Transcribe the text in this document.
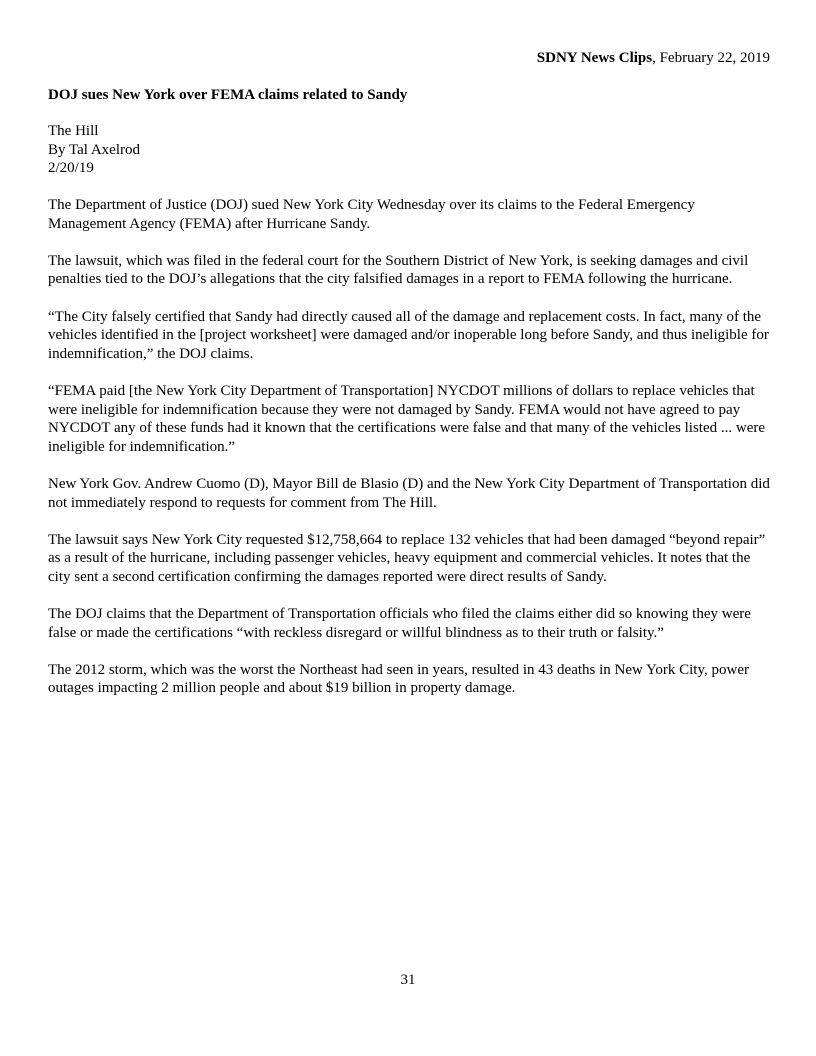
SDNY News Clips, February 22, 2019
DOJ sues New York over FEMA claims related to Sandy
The Hill
By Tal Axelrod
2/20/19

The Department of Justice (DOJ) sued New York City Wednesday over its claims to the Federal Emergency Management Agency (FEMA) after Hurricane Sandy.

The lawsuit, which was filed in the federal court for the Southern District of New York, is seeking damages and civil penalties tied to the DOJ’s allegations that the city falsified damages in a report to FEMA following the hurricane.

“The City falsely certified that Sandy had directly caused all of the damage and replacement costs. In fact, many of the vehicles identified in the [project worksheet] were damaged and/or inoperable long before Sandy, and thus ineligible for indemnification,” the DOJ claims.

“FEMA paid [the New York City Department of Transportation] NYCDOT millions of dollars to replace vehicles that were ineligible for indemnification because they were not damaged by Sandy. FEMA would not have agreed to pay NYCDOT any of these funds had it known that the certifications were false and that many of the vehicles listed ... were ineligible for indemnification.”

New York Gov. Andrew Cuomo (D), Mayor Bill de Blasio (D) and the New York City Department of Transportation did not immediately respond to requests for comment from The Hill.

The lawsuit says New York City requested $12,758,664 to replace 132 vehicles that had been damaged “beyond repair” as a result of the hurricane, including passenger vehicles, heavy equipment and commercial vehicles. It notes that the city sent a second certification confirming the damages reported were direct results of Sandy.

The DOJ claims that the Department of Transportation officials who filed the claims either did so knowing they were false or made the certifications “with reckless disregard or willful blindness as to their truth or falsity.”

The 2012 storm, which was the worst the Northeast had seen in years, resulted in 43 deaths in New York City, power outages impacting 2 million people and about $19 billion in property damage.

31
